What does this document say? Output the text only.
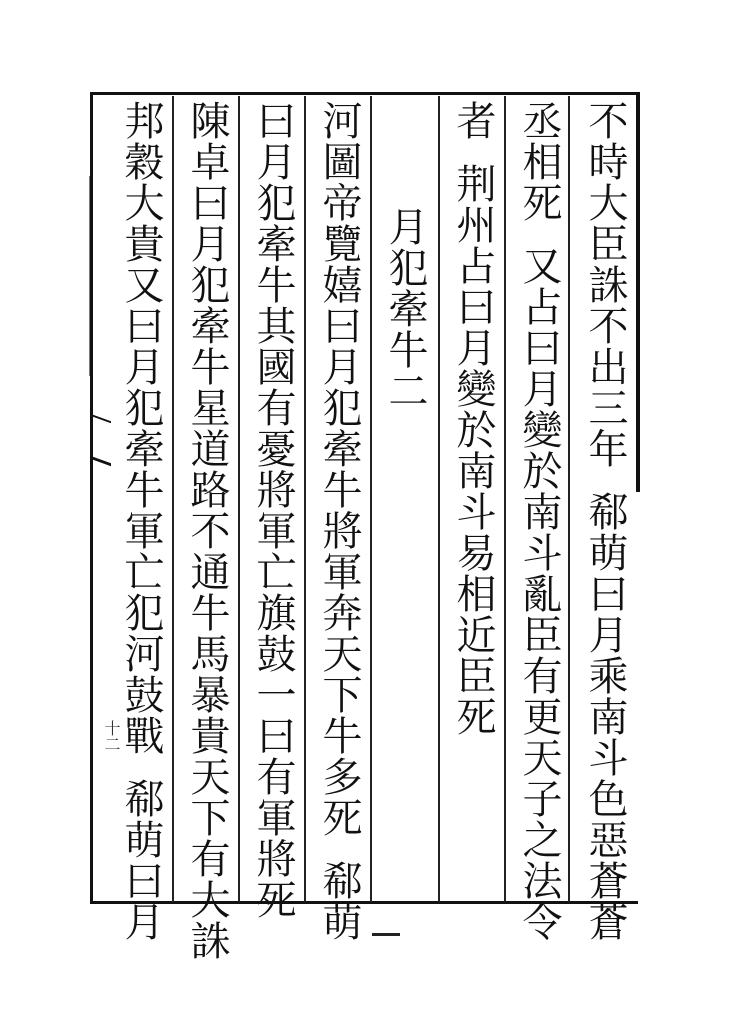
十二
不時大臣誅不出三年郗萌曰月乘南斗色惡蒼蒼
丞相死又占曰月變於南斗亂臣有更天子之法令
者荆州占曰月變於南斗易相近臣死
月犯牽牛二
河圖帝覽嬉曰月犯牽牛將軍奔天下牛多死郗萌
曰月犯牽牛其國有憂將軍亡旗鼓一曰有軍將死
陳卓曰月犯牽牛星道路不通牛馬暴貴天下有大誅
邦穀大貴又曰月犯牽牛軍亡犯河鼓戰郗萌曰月
